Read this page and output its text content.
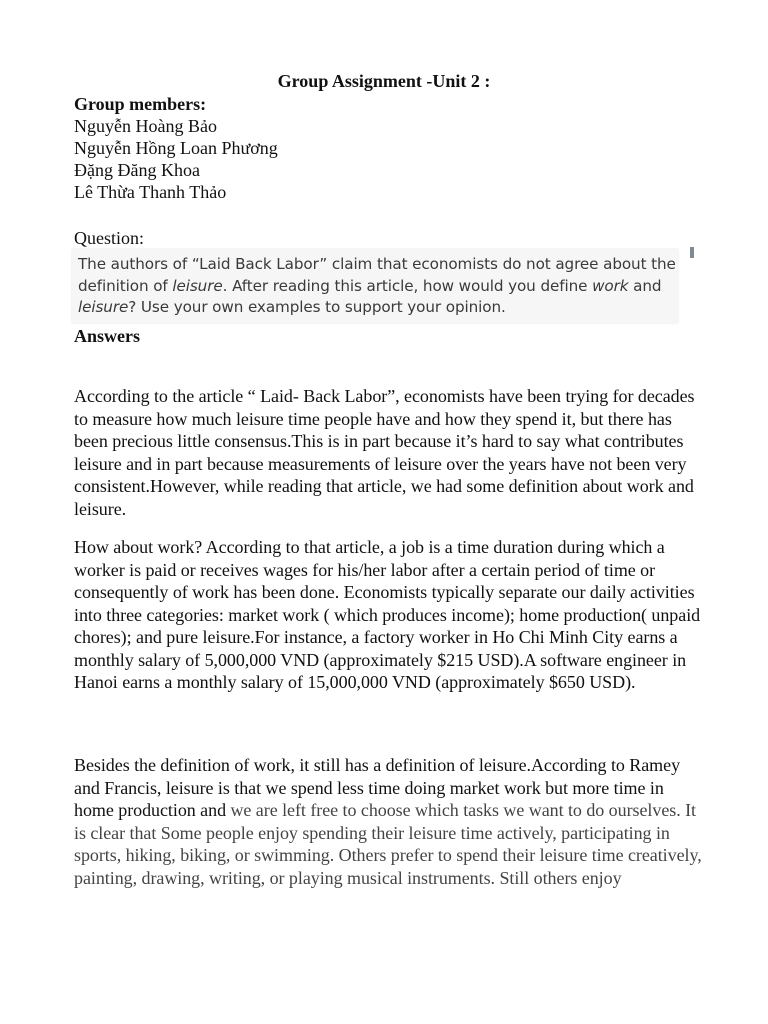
Group Assignment -Unit 2 :
Group members:
Nguyễn Hoàng Bảo
Nguyễn Hồng Loan Phương
Đặng Đăng Khoa
Lê Thừa Thanh Thảo
Question:
The authors of “Laid Back Labor” claim that economists do not agree about the definition of leisure. After reading this article, how would you define work and leisure? Use your own examples to support your opinion.
Answers
According to the article “ Laid- Back Labor”, economists have been trying for decades to measure how much leisure time people have and how they spend it, but there has been precious little consensus.This is in part because it’s hard to say what contributes leisure and in part because measurements of leisure over the years have not been very consistent.However, while reading that article, we had some definition about work and leisure.
How about work? According to that article, a job is a time duration during which a worker is paid or receives wages for his/her labor after a certain period of time or consequently of work has been done. Economists typically separate our daily activities into three categories: market work ( which produces income); home production( unpaid chores); and pure leisure.For instance, a factory worker in Ho Chi Minh City earns a monthly salary of 5,000,000 VND (approximately $215 USD).A software engineer in Hanoi earns a monthly salary of 15,000,000 VND (approximately $650 USD).
Besides the definition of work, it still has a definition of leisure.According to Ramey and Francis, leisure is that we spend less time doing market work but more time in home production and we are left free to choose which tasks we want to do ourselves. It is clear that Some people enjoy spending their leisure time actively, participating in sports, hiking, biking, or swimming. Others prefer to spend their leisure time creatively, painting, drawing, writing, or playing musical instruments. Still others enjoy
